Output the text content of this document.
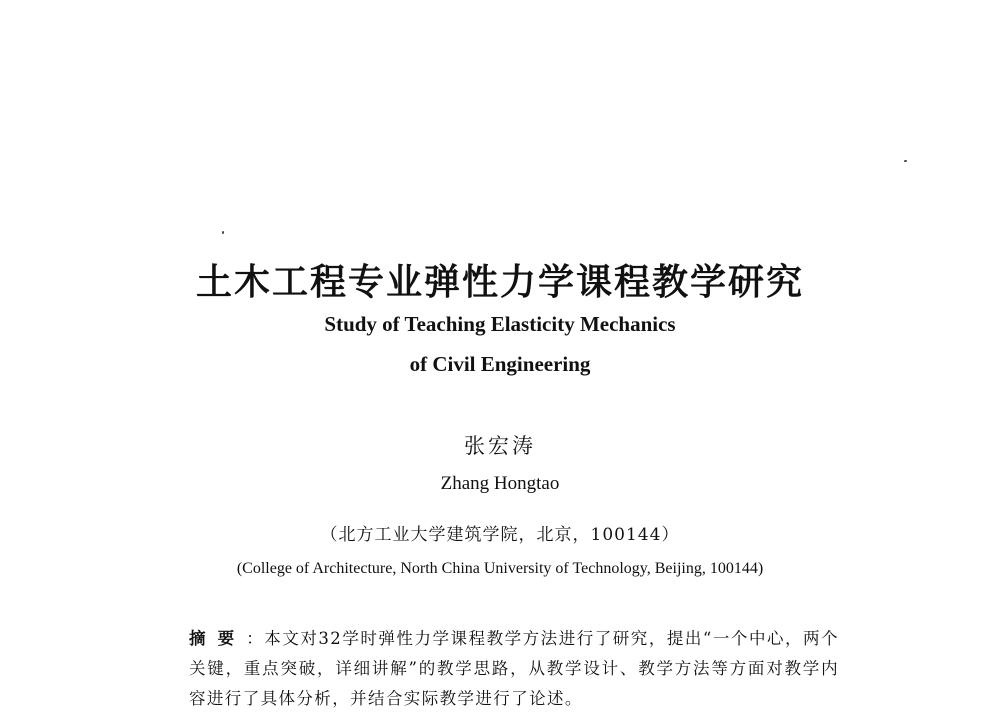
土木工程专业弹性力学课程教学研究
Study of Teaching Elasticity Mechanics
of Civil Engineering
张宏涛
Zhang Hongtao
（北方工业大学建筑学院，北京，100144）
(College of Architecture, North China University of Technology, Beijing, 100144)
摘要：本文对32学时弹性力学课程教学方法进行了研究，提出“一个中心，两个关键，重点突破，详细讲解”的教学思路，从教学设计、教学方法等方面对教学内容进行了具体分析，并结合实际教学进行了论述。
